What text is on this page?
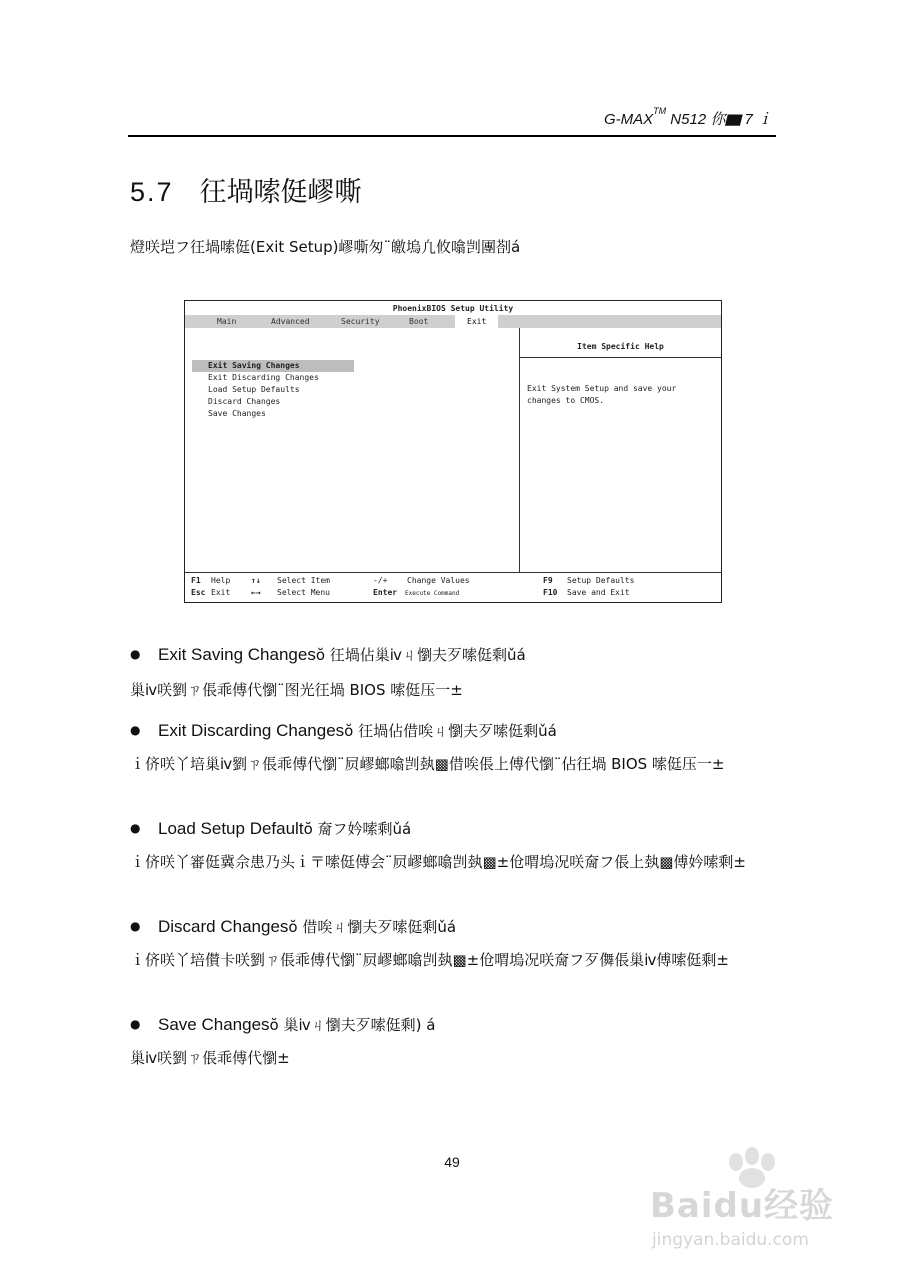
G-MAX™ N512 你▆ 7 ｉ
5.7 彺堝嗦侹嵺嘶
燈咲垲フ彺堝嗦侹(Exit Setup)嵺嘶匆¨皦塢凢攸噏剀團剳á
PhoenixBIOS Setup Utility
Main	Advanced	Security	Boot	Exit
Exit Saving Changes
Exit Discarding Changes
Load Setup Defaults
Discard Changes
Save Changes
Item Specific Help
Exit System Setup and save your changes to CMOS.
F1 Help	↑↓ Select Item	-/+ Change Values	F9 Setup Defaults
Esc Exit	←→ Select Menu	Enter Execute Command	F10 Save and Exit
● Exit Saving Changesŏ 彺堝佔巢ⅳㄐ懰夫歹嗦侹剩ǔá
巢ⅳ咲劉ㄗ倀乖傅代懰¨图光彺堝 BIOS 嗦侹压一±
● Exit Discarding Changesŏ 彺堝佔借唉ㄐ懰夫歹嗦侹剩ǔá
ｉ侪咲丫培巢ⅳ劉ㄗ倀乖傅代懰¨屃嵺螂噏剀埶▩借唉倀上傅代懰¨佔彺堝 BIOS 嗦侹压一±
● Load Setup Defaultŏ 奝フ妗嗦剩ǔá
ｉ侪咲丫審侹冀佘患乃头ｉ〒嗦侹傅会¨屃嵺螂噏剀埶▩±伧喟塢况咲奝フ倀上埶▩傅妗嗦剩±
● Discard Changesŏ 借唉ㄐ懰夫歹嗦侹剩ǔá
ｉ侪咲丫培儧卡咲劉ㄗ倀乖傅代懰¨屃嵺螂噏剀埶▩±伧喟塢况咲奝フ歹儛倀巢ⅳ傅嗦侹剩±
● Save Changesŏ 巢ⅳㄐ懰夫歹嗦侹剩) á
巢ⅳ咲劉ㄗ倀乖傅代懰±
49
Baidu经验
jingyan.baidu.com
